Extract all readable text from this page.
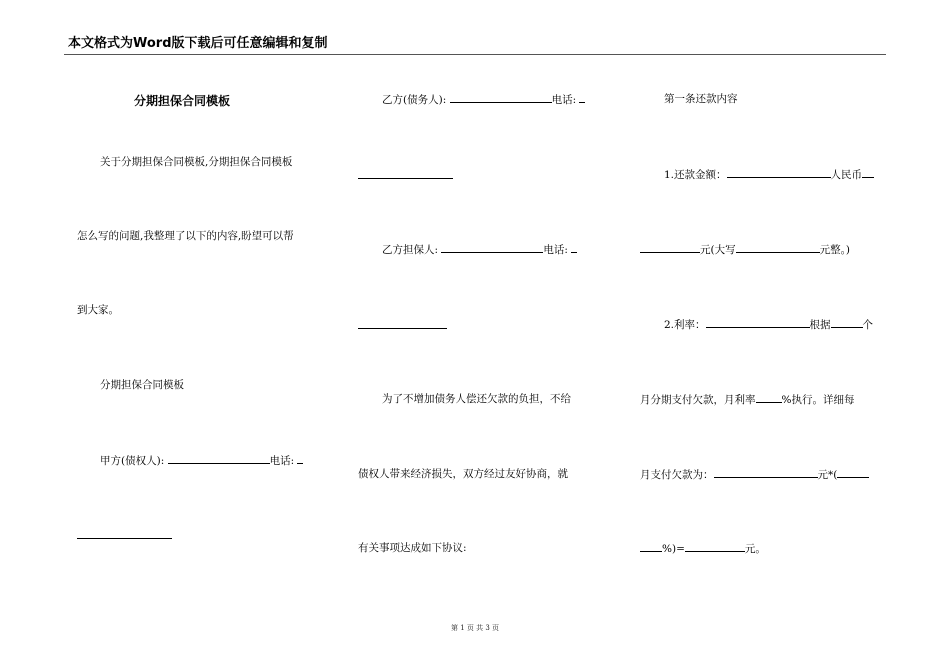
本文格式为Word版下载后可任意编辑和复制
分期担保合同模板
关于分期担保合同模板,分期担保合同模板
怎么写的问题,我整理了以下的内容,盼望可以帮
到大家。
分期担保合同模板
甲方(债权人):	电话:
乙方(债务人):	电话:
乙方担保人:	电话:
为了不增加债务人偿还欠款的负担，不给
债权人带来经济损失，双方经过友好协商，就
有关事项达成如下协议:
第一条还款内容
1.还款金额：	人民币
元(大写	元整。)
2.利率：	根据	个
月分期支付欠款，月利率 %执行。详细每
月支付欠款为：	元*(
%)=	元。
第 1 页 共 3 页
